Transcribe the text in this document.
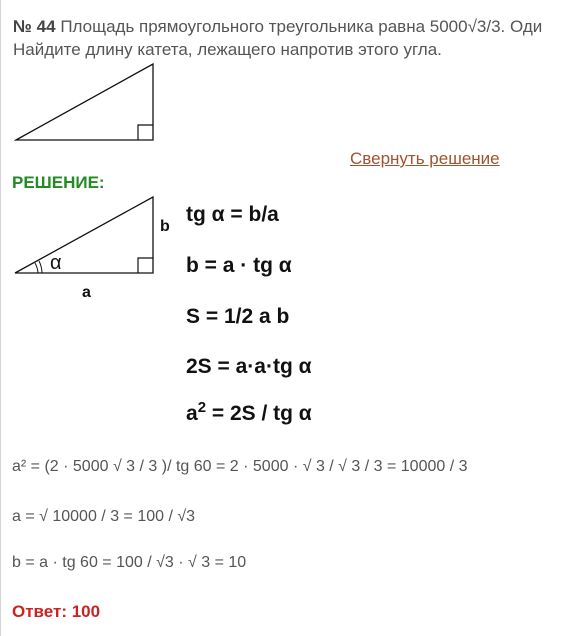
№ 44 Площадь прямоугольного треугольника равна 5000√3/3. Оди
Найдите длину катета, лежащего напротив этого угла.
Свернуть решение
РЕШЕНИЕ:
α
b
a
tg α = b/a
b = a · tg α
S = 1/2 a b
2S = a·a·tg α
$a^2 = 2S$ / tg α
a² = (2 · 5000 √ 3 / 3 )/ tg 60 = 2 · 5000 · √ 3 / √ 3 / 3 = 10000 / 3
a = √ 10000 / 3 = 100 / √3
b = a · tg 60 = 100 / √3 · √ 3 = 10
Ответ: 100
